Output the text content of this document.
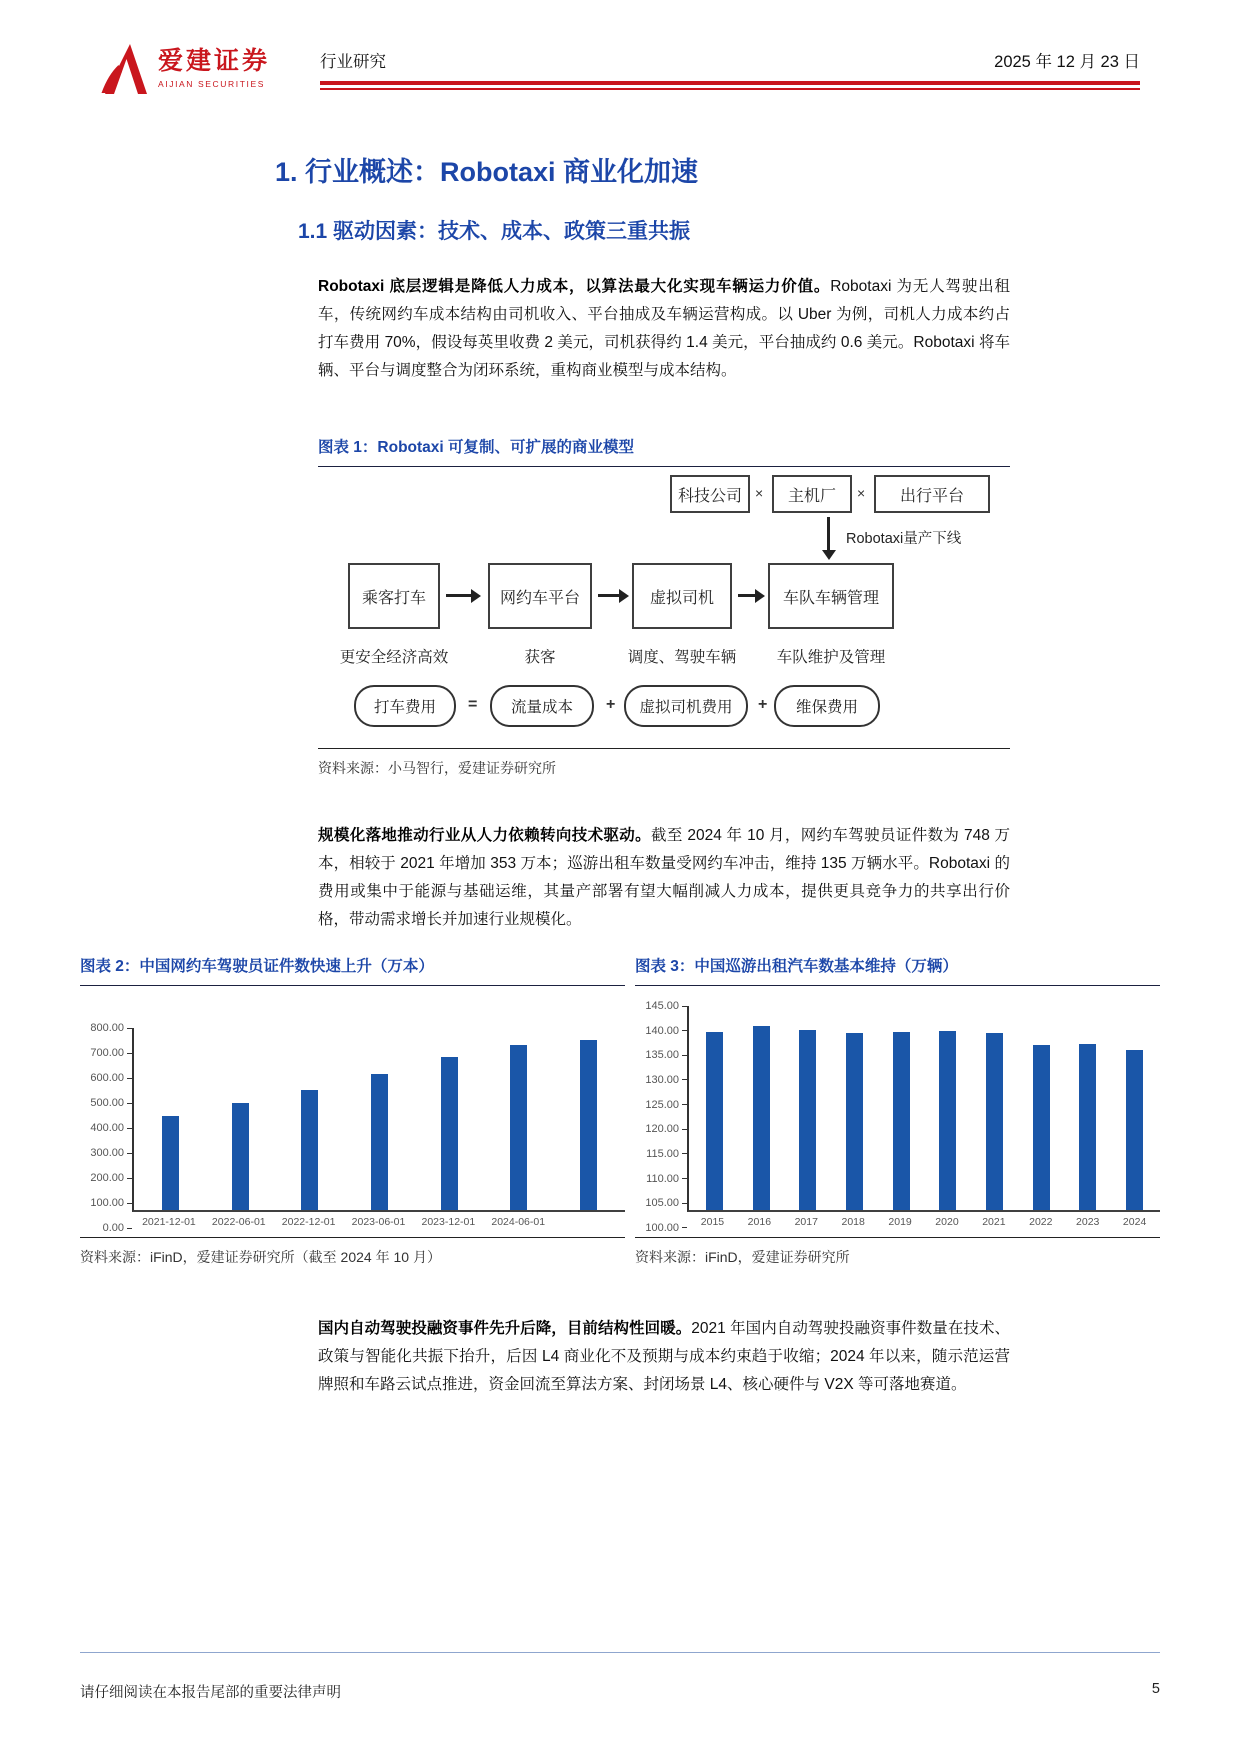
爱建证券
AIJIAN SECURITIES
行业研究	2025 年 12 月 23 日
1. 行业概述：Robotaxi 商业化加速
1.1 驱动因素：技术、成本、政策三重共振

Robotaxi 底层逻辑是降低人力成本，以算法最大化实现车辆运力价值。Robotaxi 为无人驾驶出租车，传统网约车成本结构由司机收入、平台抽成及车辆运营构成。以 Uber 为例，司机人力成本约占打车费用 70%，假设每英里收费 2 美元，司机获得约 1.4 美元，平台抽成约 0.6 美元。Robotaxi 将车辆、平台与调度整合为闭环系统，重构商业模型与成本结构。

图表 1：Robotaxi 可复制、可扩展的商业模型
科技公司 ×	主机厂	×	出行平台
Robotaxi量产下线
乘客打车	网约车平台	虚拟司机	车队车辆管理
更安全经济高效	获客	调度、驾驶车辆	车队维护及管理
打车费用	=	流量成本	+	虚拟司机费用	+	维保费用
资料来源：小马智行，爱建证券研究所

规模化落地推动行业从人力依赖转向技术驱动。截至 2024 年 10 月，网约车驾驶员证件数为 748 万本，相较于 2021 年增加 353 万本；巡游出租车数量受网约车冲击，维持 135 万辆水平。Robotaxi 的费用或集中于能源与基础运维，其量产部署有望大幅削减人力成本，提供更具竞争力的共享出行价格，带动需求增长并加速行业规模化。

图表 2：中国网约车驾驶员证件数快速上升（万本）
800.00
700.00
600.00
500.00
400.00
300.00
200.00
100.00
0.00	2021-12-01	2022-06-01	2022-12-01	2023-06-01	2023-12-01	2024-06-01
资料来源：iFinD，爱建证券研究所（截至 2024 年 10 月）
图表 3：中国巡游出租汽车数基本维持（万辆）
145.00
140.00
135.00
130.00
125.00
120.00
115.00
110.00
105.00
100.00	2015	2016	2017	2018	2019	2020	2021	2022	2023	2024
资料来源：iFinD，爱建证券研究所

国内自动驾驶投融资事件先升后降，目前结构性回暖。2021 年国内自动驾驶投融资事件数量在技术、政策与智能化共振下抬升，后因 L4 商业化不及预期与成本约束趋于收缩；2024 年以来，随示范运营牌照和车路云试点推进，资金回流至算法方案、封闭场景 L4、核心硬件与 V2X 等可落地赛道。

请仔细阅读在本报告尾部的重要法律声明	5
